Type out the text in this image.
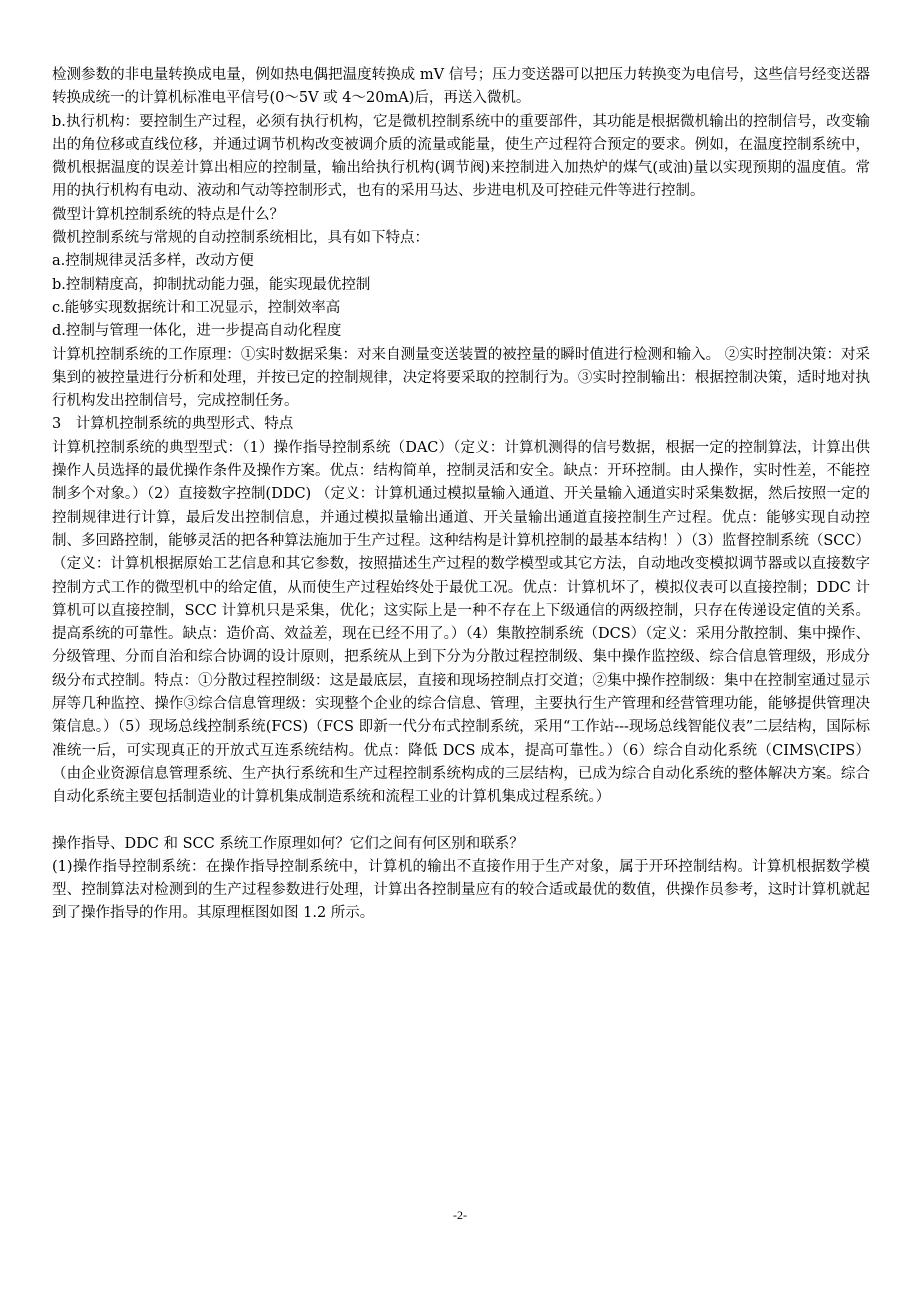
检测参数的非电量转换成电量，例如热电偶把温度转换成 mV 信号；压力变送器可以把压力转换变为电信号，这些信号经变送器转换成统一的计算机标准电平信号(0～5V 或 4～20mA)后，再送入微机。

b.执行机构：要控制生产过程，必须有执行机构，它是微机控制系统中的重要部件，其功能是根据微机输出的控制信号，改变输出的角位移或直线位移，并通过调节机构改变被调介质的流量或能量，使生产过程符合预定的要求。例如，在温度控制系统中，微机根据温度的误差计算出相应的控制量，输出给执行机构(调节阀)来控制进入加热炉的煤气(或油)量以实现预期的温度值。常用的执行机构有电动、液动和气动等控制形式，也有的采用马达、步进电机及可控硅元件等进行控制。

微型计算机控制系统的特点是什么？

微机控制系统与常规的自动控制系统相比，具有如下特点：

a.控制规律灵活多样，改动方便

b.控制精度高，抑制扰动能力强，能实现最优控制

c.能够实现数据统计和工况显示，控制效率高

d.控制与管理一体化，进一步提高自动化程度

计算机控制系统的工作原理：①实时数据采集：对来自测量变送装置的被控量的瞬时值进行检测和输入。 ②实时控制决策：对采集到的被控量进行分析和处理，并按已定的控制规律，决定将要采取的控制行为。③实时控制输出：根据控制决策，适时地对执行机构发出控制信号，完成控制任务。

3　计算机控制系统的典型形式、特点

计算机控制系统的典型型式：（1）操作指导控制系统（DAC）（定义：计算机测得的信号数据，根据一定的控制算法，计算出供操作人员选择的最优操作条件及操作方案。优点：结构简单，控制灵活和安全。缺点：开环控制。由人操作，实时性差，不能控制多个对象。）（2）直接数字控制(DDC) （定义：计算机通过模拟量输入通道、开关量输入通道实时采集数据，然后按照一定的控制规律进行计算，最后发出控制信息，并通过模拟量输出通道、开关量输出通道直接控制生产过程。优点：能够实现自动控制、多回路控制，能够灵活的把各种算法施加于生产过程。这种结构是计算机控制的最基本结构！）（3）监督控制系统（SCC）（定义：计算机根据原始工艺信息和其它参数，按照描述生产过程的数学模型或其它方法，自动地改变模拟调节器或以直接数字控制方式工作的微型机中的给定值，从而使生产过程始终处于最优工况。优点：计算机坏了，模拟仪表可以直接控制；DDC 计算机可以直接控制，SCC 计算机只是采集，优化；这实际上是一种不存在上下级通信的两级控制，只存在传递设定值的关系。提高系统的可靠性。缺点：造价高、效益差，现在已经不用了。）（4）集散控制系统（DCS）（定义：采用分散控制、集中操作、分级管理、分而自治和综合协调的设计原则，把系统从上到下分为分散过程控制级、集中操作监控级、综合信息管理级，形成分级分布式控制。特点：①分散过程控制级：这是最底层，直接和现场控制点打交道；②集中操作控制级：集中在控制室通过显示屏等几种监控、操作③综合信息管理级：实现整个企业的综合信息、管理，主要执行生产管理和经营管理功能，能够提供管理决策信息。）（5）现场总线控制系统(FCS)（FCS 即新一代分布式控制系统，采用“工作站---现场总线智能仪表”二层结构，国际标准统一后，可实现真正的开放式互连系统结构。优点：降低 DCS 成本，提高可靠性。）（6）综合自动化系统（CIMS\CIPS）（由企业资源信息管理系统、生产执行系统和生产过程控制系统构成的三层结构，已成为综合自动化系统的整体解决方案。综合自动化系统主要包括制造业的计算机集成制造系统和流程工业的计算机集成过程系统。）

操作指导、DDC 和 SCC 系统工作原理如何？它们之间有何区别和联系？

(1)操作指导控制系统：在操作指导控制系统中，计算机的输出不直接作用于生产对象，属于开环控制结构。计算机根据数学模型、控制算法对检测到的生产过程参数进行处理，计算出各控制量应有的较合适或最优的数值，供操作员参考，这时计算机就起到了操作指导的作用。其原理框图如图 1.2 所示。

-2-
